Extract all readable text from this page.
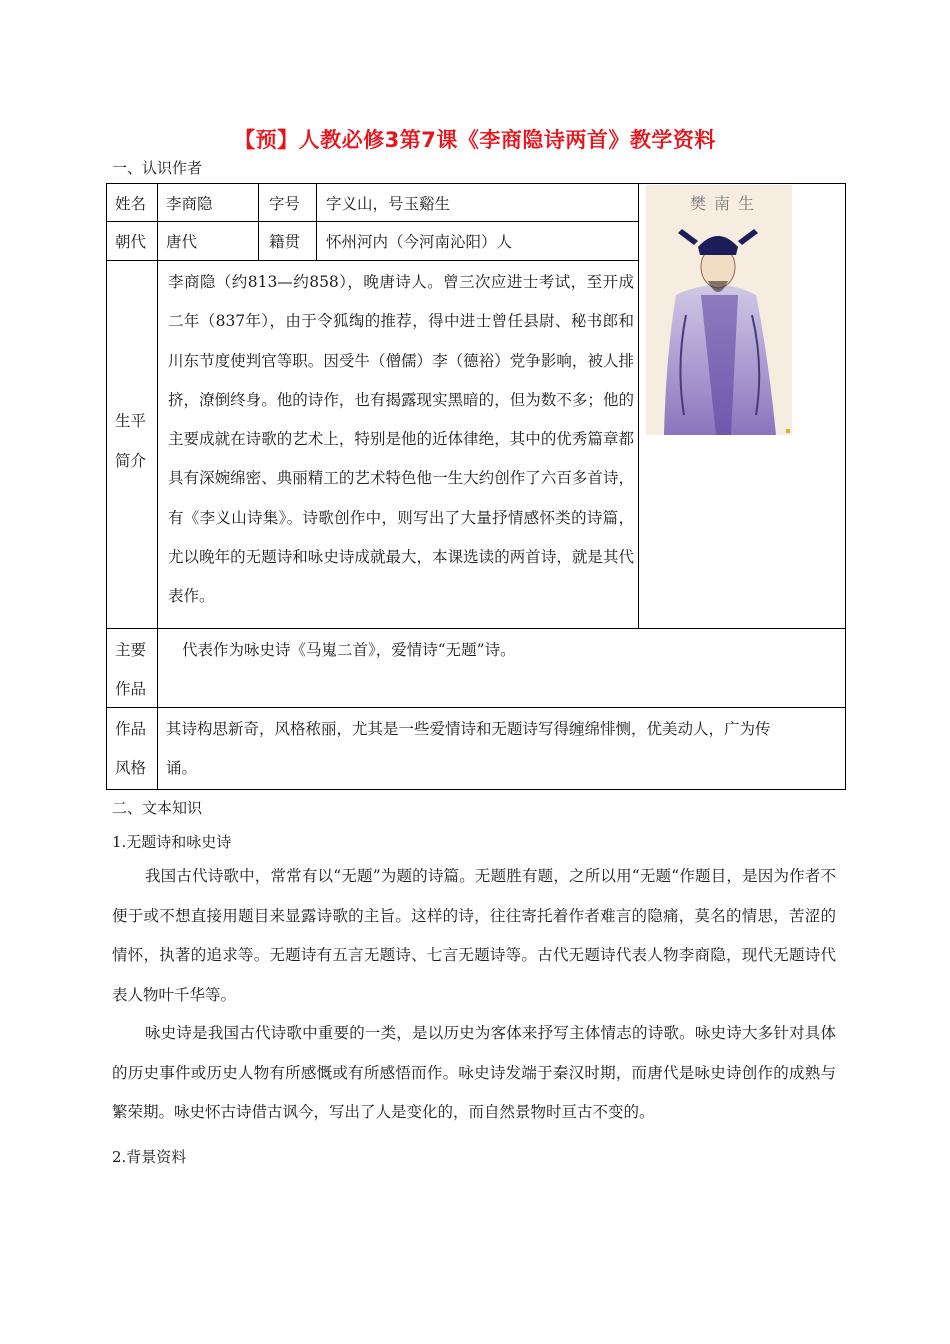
【预】人教必修3第7课《李商隐诗两首》教学资料
一、认识作者
姓名 李商隐	字号 字义山，号玉谿生
朝代 唐代	籍贯 怀州河内（今河南沁阳）人
生平
简介

李商隐（约813—约858），晚唐诗人。曾三次应进士考试，至开成二年（837年），由于令狐绹的推荐，得中进士曾任县尉、秘书郎和川东节度使判官等职。因受牛（僧儒）李（德裕）党争影响，被人排挤，潦倒终身。他的诗作，也有揭露现实黑暗的，但为数不多；他的主要成就在诗歌的艺术上，特别是他的近体律绝，其中的优秀篇章都具有深婉绵密、典丽精工的艺术特色他一生大约创作了六百多首诗，有《李义山诗集》。诗歌创作中，则写出了大量抒情感怀类的诗篇，尤以晚年的无题诗和咏史诗成就最大，本课选读的两首诗，就是其代表作。

樊南生
主要
作品
代表作为咏史诗《马嵬二首》，爱情诗“无题”诗。
作品
风格
其诗构思新奇，风格秾丽，尤其是一些爱情诗和无题诗写得缠绵悱恻，优美动人，广为传
诵。
二、文本知识
1.无题诗和咏史诗

我国古代诗歌中，常常有以“无题”为题的诗篇。无题胜有题，之所以用“无题“作题目，是因为作者不便于或不想直接用题目来显露诗歌的主旨。这样的诗，往往寄托着作者难言的隐痛，莫名的情思，苦涩的情怀，执著的追求等。无题诗有五言无题诗、七言无题诗等。古代无题诗代表人物李商隐，现代无题诗代表人物叶千华等。

咏史诗是我国古代诗歌中重要的一类，是以历史为客体来抒写主体情志的诗歌。咏史诗大多针对具体的历史事件或历史人物有所感慨或有所感悟而作。咏史诗发端于秦汉时期，而唐代是咏史诗创作的成熟与繁荣期。咏史怀古诗借古讽今，写出了人是变化的，而自然景物时亘古不变的。

2.背景资料
